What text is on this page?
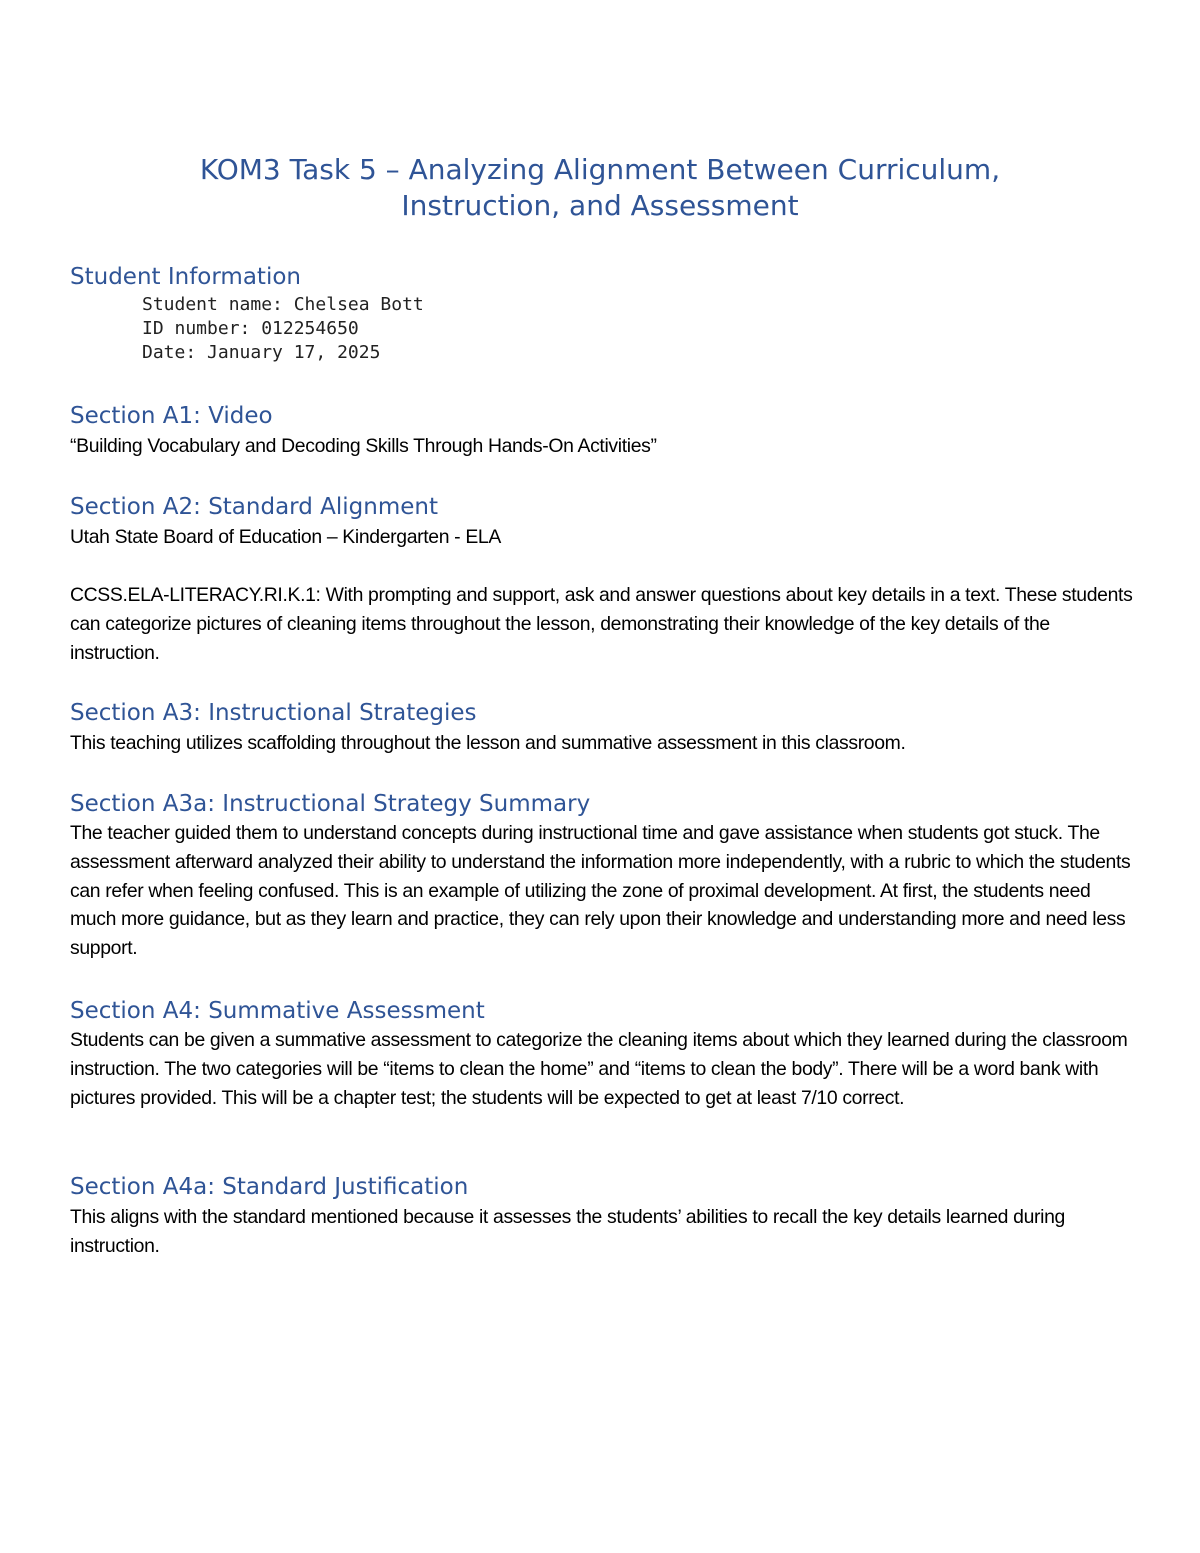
KOM3 Task 5 – Analyzing Alignment Between Curriculum,
Instruction, and Assessment
Student Information

Student name: Chelsea Bott

ID number: 012254650

Date: January 17, 2025

Section A1: Video

“Building Vocabulary and Decoding Skills Through Hands-On Activities”

Section A2: Standard Alignment

Utah State Board of Education – Kindergarten - ELA

CCSS.ELA-LITERACY.RI.K.1: With prompting and support, ask and answer questions about key details in a text. These students can categorize pictures of cleaning items throughout the lesson, demonstrating their knowledge of the key details of the instruction.

Section A3: Instructional Strategies

This teaching utilizes scaffolding throughout the lesson and summative assessment in this classroom.

Section A3a: Instructional Strategy Summary

The teacher guided them to understand concepts during instructional time and gave assistance when students got stuck. The assessment afterward analyzed their ability to understand the information more independently, with a rubric to which the students can refer when feeling confused. This is an example of utilizing the zone of proximal development. At first, the students need much more guidance, but as they learn and practice, they can rely upon their knowledge and understanding more and need less support.

Section A4: Summative Assessment

Students can be given a summative assessment to categorize the cleaning items about which they learned during the classroom instruction. The two categories will be “items to clean the home” and “items to clean the body”. There will be a word bank with pictures provided. This will be a chapter test; the students will be expected to get at least 7/10 correct.

Section A4a: Standard Justification

This aligns with the standard mentioned because it assesses the students’ abilities to recall the key details learned during instruction.
